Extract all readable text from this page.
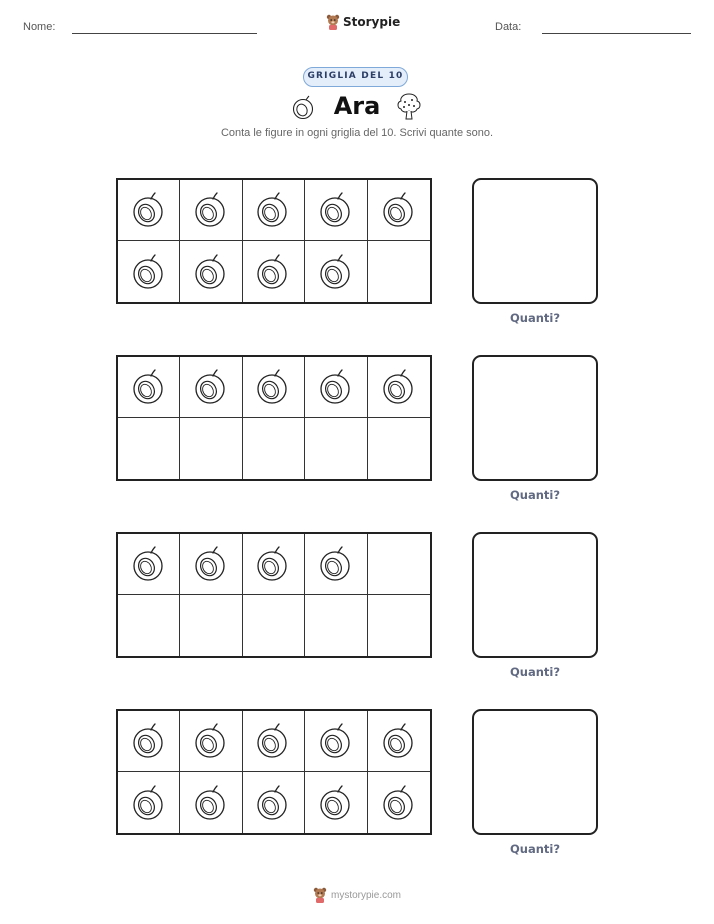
Nome:	Storypie	Data:
GRIGLIA DEL 10
Ara
Conta le figure in ogni griglia del 10. Scrivi quante sono.
Quanti?
Quanti?
Quanti?
Quanti?
mystorypie.com
